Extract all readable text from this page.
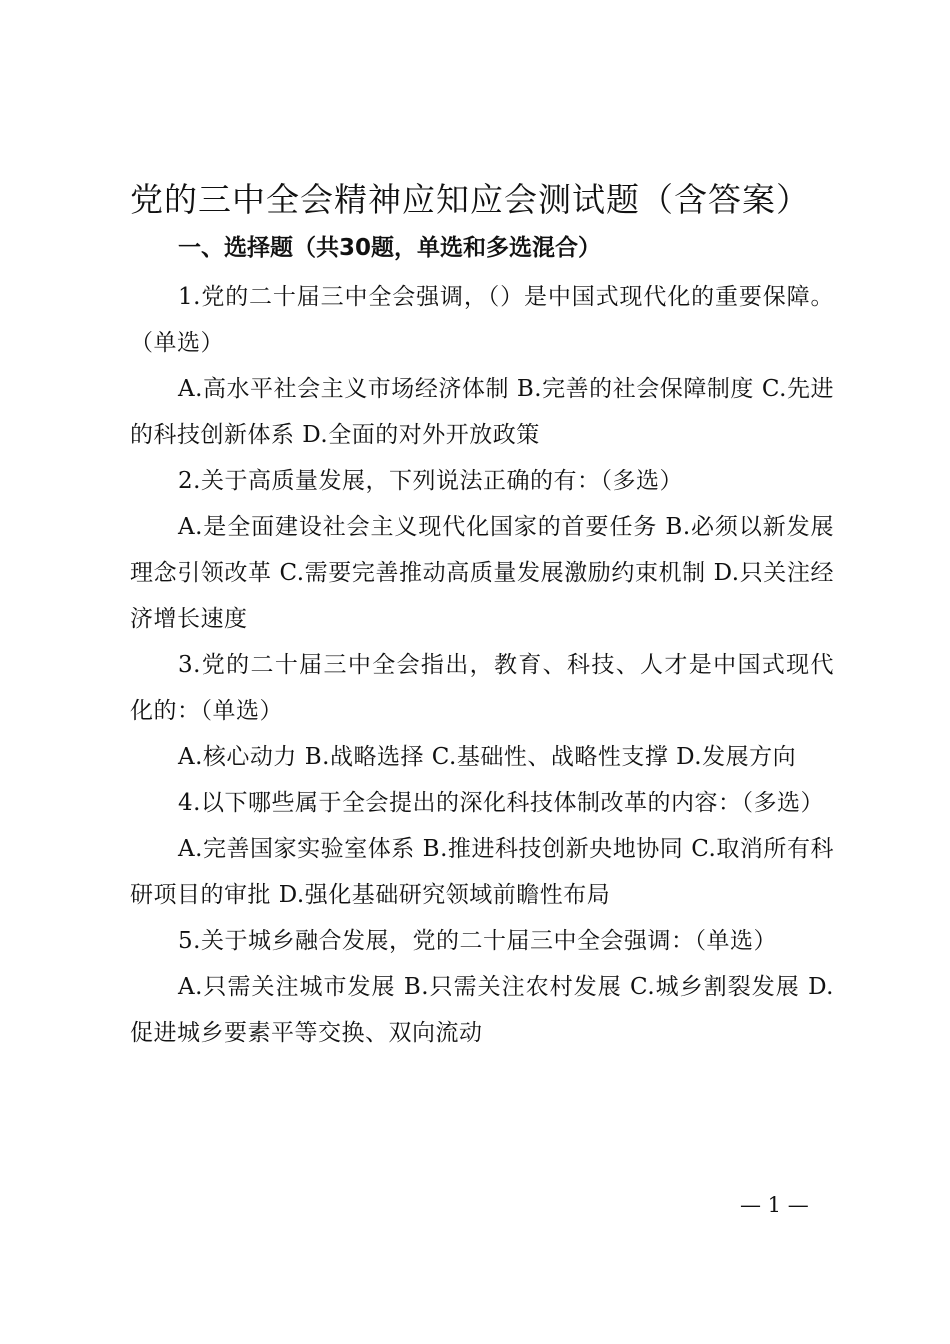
党的三中全会精神应知应会测试题（含答案）
一、选择题（共30题，单选和多选混合）

1.党的二十届三中全会强调，（）是中国式现代化的重要保障。（单选）

A.高水平社会主义市场经济体制 B.完善的社会保障制度 C.先进的科技创新体系 D.全面的对外开放政策

2.关于高质量发展，下列说法正确的有：（多选）

A.是全面建设社会主义现代化国家的首要任务 B.必须以新发展理念引领改革 C.需要完善推动高质量发展激励约束机制 D.只关注经济增长速度

3.党的二十届三中全会指出，教育、科技、人才是中国式现代化的：（单选）

A.核心动力 B.战略选择 C.基础性、战略性支撑 D.发展方向

4.以下哪些属于全会提出的深化科技体制改革的内容：（多选）

A.完善国家实验室体系 B.推进科技创新央地协同 C.取消所有科研项目的审批 D.强化基础研究领域前瞻性布局

5.关于城乡融合发展，党的二十届三中全会强调：（单选）

A.只需关注城市发展 B.只需关注农村发展 C.城乡割裂发展 D.促进城乡要素平等交换、双向流动

— 1 —
